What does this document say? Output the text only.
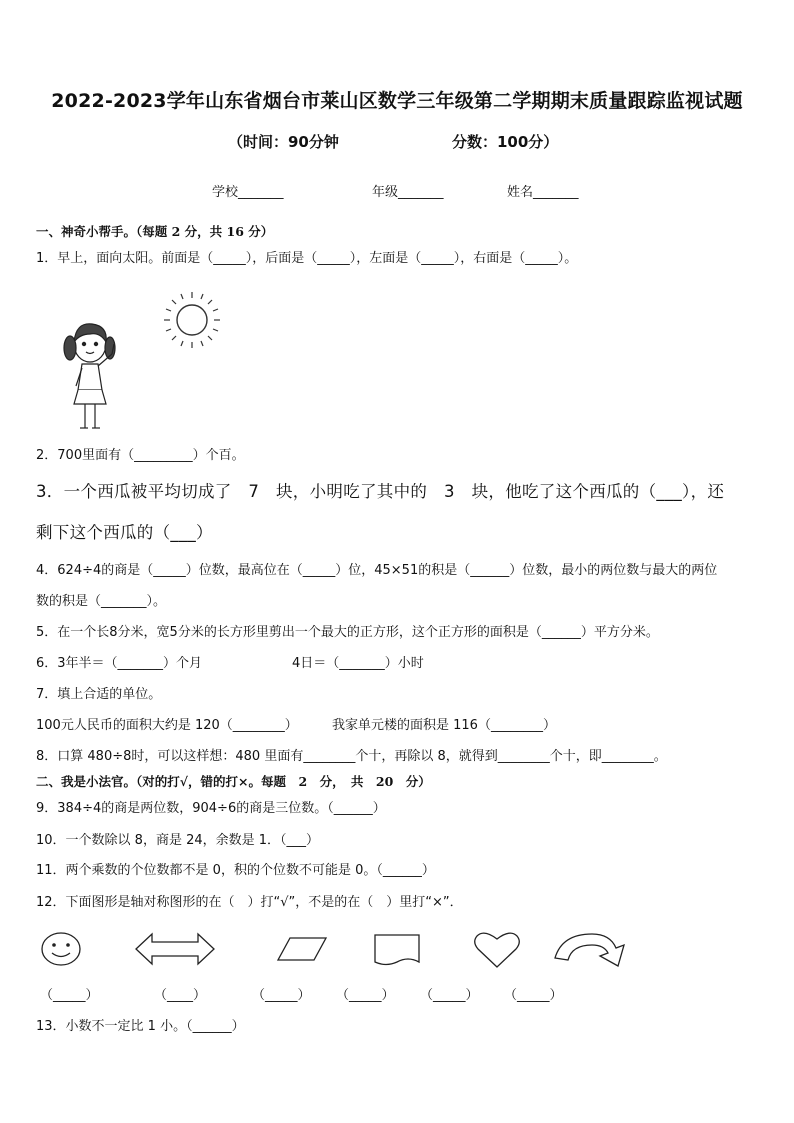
2022-2023学年山东省烟台市莱山区数学三年级第二学期期末质量跟踪监视试题
（时间：90分钟	分数：100分）
学校_______	年级_______	姓名_______
一、神奇小帮手。（每题 2 分，共 16 分）
1．早上，面向太阳。前面是（_____），后面是（_____），左面是（_____），右面是（_____）。
2．700里面有（_________）个百。
3．一个西瓜被平均切成了　7　块，小明吃了其中的　3　块，他吃了这个西瓜的（___），还
剩下这个西瓜的（___）
4．624÷4的商是（_____）位数，最高位在（_____）位，45×51的积是（______）位数，最小的两位数与最大的两位
数的积是（_______）。
5．在一个长8分米，宽5分米的长方形里剪出一个最大的正方形，这个正方形的面积是（______）平方分米。
6．3年半＝（_______）个月	4日＝（_______）小时
7．填上合适的单位。
100元人民币的面积大约是 120（________）	我家单元楼的面积是 116（________）
8．口算 480÷8时，可以这样想：480 里面有________个十，再除以 8，就得到________个十，即________。
二、我是小法官。（对的打√，错的打×。每题　2　分，　共　20　分）
9．384÷4的商是两位数，904÷6的商是三位数。（______）
10．一个数除以 8，商是 24，余数是 1．（___）
11．两个乘数的个位数都不是 0，积的个位数不可能是 0。（______）
12．下面图形是轴对称图形的在（　）打“√”，不是的在（　）里打“×”．
（_____）	（____）	（_____） （_____） （_____） （_____）
13．小数不一定比 1 小。（______）
